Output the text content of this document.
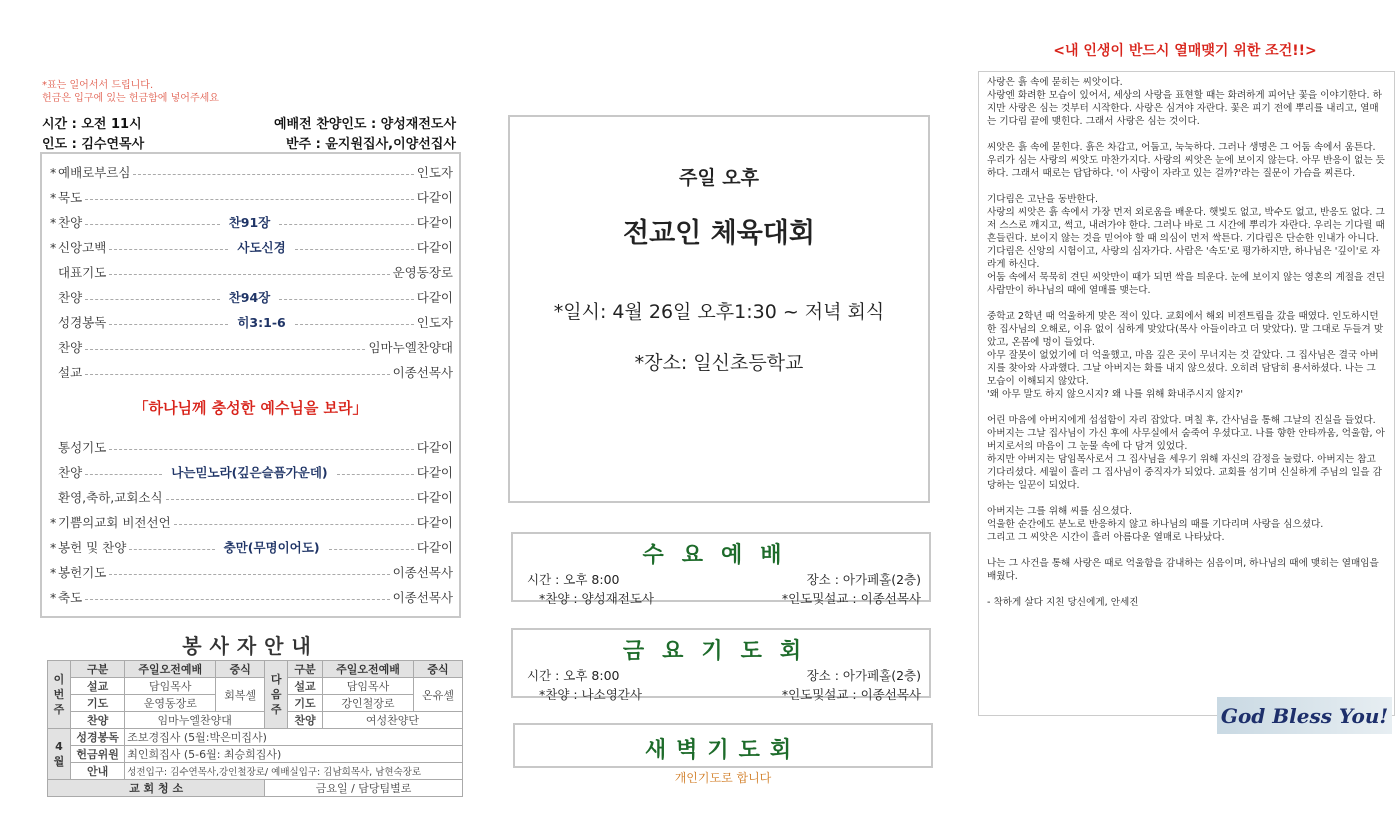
*표는 일어서서 드립니다.
헌금은 입구에 있는 헌금함에 넣어주세요
시간 : 오전 11시
인도 : 김수연목사
예배전 찬양인도 : 양성재전도사
반주 : 윤지원집사,이양선집사
* 예배로부르심	인도자
* 묵도	다같이
* 찬양	찬91장	다같이
* 신앙고백	사도신경	다같이
대표기도	운영동장로
찬양	찬94장	다같이
성경봉독	히3:1-6	인도자
찬양	임마누엘찬양대
설교	이종선목사
「하나님께 충성한 예수님을 보라」
통성기도	다같이
찬양	나는믿노라(깊은슬픔가운데)	다같이
환영,축하,교회소식	다같이
* 기쁨의교회 비전선언	다같이
* 봉헌 및 찬양	충만(무명이어도)	다같이
* 봉헌기도	이종선목사
* 축도	이종선목사
봉사자안내
이번주	구분	주일오전예배	중식	다음주	구분	주일오전예배	중식
	설교	담임목사	회복셀		설교	담임목사	온유셀
	기도	운영동장로			기도	강인철장로	
	찬양	임마누엘찬양대			찬양	여성찬양단	
4월	성경봉독	조보경집사 (5월:박은미집사)					
	헌금위원	최인희집사 (5-6월: 최승희집사)					
	안내	성전입구: 김수연목사,강인철장로/ 예배실입구: 김남희목사, 남현숙장로					
교 회 청 소				금요일 / 담당팀별로			
주일 오후
전교인 체육대회
*일시: 4월 26일 오후1:30 ~ 저녁 회식
*장소: 일신초등학교
수요예배
시간 : 오후 8:00	장소 : 아가페홀(2층)
*찬양 : 양성재전도사	*인도및설교 : 이종선목사
금요기도회
시간 : 오후 8:00	장소 : 아가페홀(2층)
*찬양 : 나소영간사	*인도및설교 : 이종선목사
새벽기도회
개인기도로 합니다
<내 인생이 반드시 열매맺기 위한 조건!!>

사랑은 흙 속에 묻히는 씨앗이다.
사랑엔 화려한 모습이 있어서, 세상의 사랑을 표현할 때는 화려하게 피어난 꽃을 이야기한다. 하지만 사랑은 심는 것부터 시작한다. 사랑은 심겨야 자란다. 꽃은 피기 전에 뿌리를 내리고, 열매는 기다림 끝에 맺힌다. 그래서 사랑은 심는 것이다.

씨앗은 흙 속에 묻힌다. 흙은 차갑고, 어둡고, 눅눅하다. 그러나 생명은 그 어둠 속에서 움튼다. 우리가 심는 사랑의 씨앗도 마찬가지다. 사랑의 씨앗은 눈에 보이지 않는다. 아무 반응이 없는 듯하다. 그래서 때로는 답답하다. '이 사랑이 자라고 있는 걸까?'라는 질문이 가슴을 찌른다.

기다림은 고난을 동반한다.
사랑의 씨앗은 흙 속에서 가장 먼저 외로움을 배운다. 햇빛도 없고, 박수도 없고, 반응도 없다. 그저 스스로 깨지고, 썩고, 내려가야 한다. 그러나 바로 그 시간에 뿌리가 자란다. 우리는 기다릴 때 흔들린다. 보이지 않는 것을 믿어야 할 때 의심이 먼저 싹튼다. 기다림은 단순한 인내가 아니다. 기다림은 신앙의 시험이고, 사랑의 십자가다. 사람은 '속도'로 평가하지만, 하나님은 '깊이'로 자라게 하신다.
어둠 속에서 묵묵히 견딘 씨앗만이 때가 되면 싹을 틔운다. 눈에 보이지 않는 영혼의 계절을 견딘 사람만이 하나님의 때에 열매를 맺는다.

중학교 2학년 때 억울하게 맞은 적이 있다. 교회에서 해외 비젼트립을 갔을 때였다. 인도하시던 한 집사님의 오해로, 이유 없이 심하게 맞았다(목사 아들이라고 더 맞았다). 말 그대로 두들겨 맞았고, 온몸에 멍이 들었다.
아무 잘못이 없었기에 더 억울했고, 마음 깊은 곳이 무너지는 것 같았다. 그 집사님은 결국 아버지를 찾아와 사과했다. 그날 아버지는 화를 내지 않으셨다. 오히려 담담히 용서하셨다. 나는 그 모습이 이해되지 않았다.
'왜 아무 말도 하지 않으시지? 왜 나를 위해 화내주시지 않지?'

어린 마음에 아버지에게 섭섭함이 자리 잡았다. 며칠 후, 간사님을 통해 그날의 진실을 들었다. 아버지는 그날 집사님이 가신 후에 사무실에서 숨죽여 우셨다고. 나를 향한 안타까움, 억울함, 아버지로서의 마음이 그 눈물 속에 다 담겨 있었다.
하지만 아버지는 담임목사로서 그 집사님을 세우기 위해 자신의 감정을 눌렀다. 아버지는 참고 기다리셨다. 세월이 흘러 그 집사님이 중직자가 되었다. 교회를 섬기며 신실하게 주님의 일을 감당하는 일꾼이 되었다.

아버지는 그를 위해 씨를 심으셨다.
억울한 순간에도 분노로 반응하지 않고 하나님의 때를 기다리며 사랑을 심으셨다.
그리고 그 씨앗은 시간이 흘러 아름다운 열매로 나타났다.

나는 그 사건을 통해 사랑은 때로 억울함을 감내하는 심음이며, 하나님의 때에 맺히는 열매임을 배웠다.

- 착하게 살다 지친 당신에게, 안세진

God Bless You!
